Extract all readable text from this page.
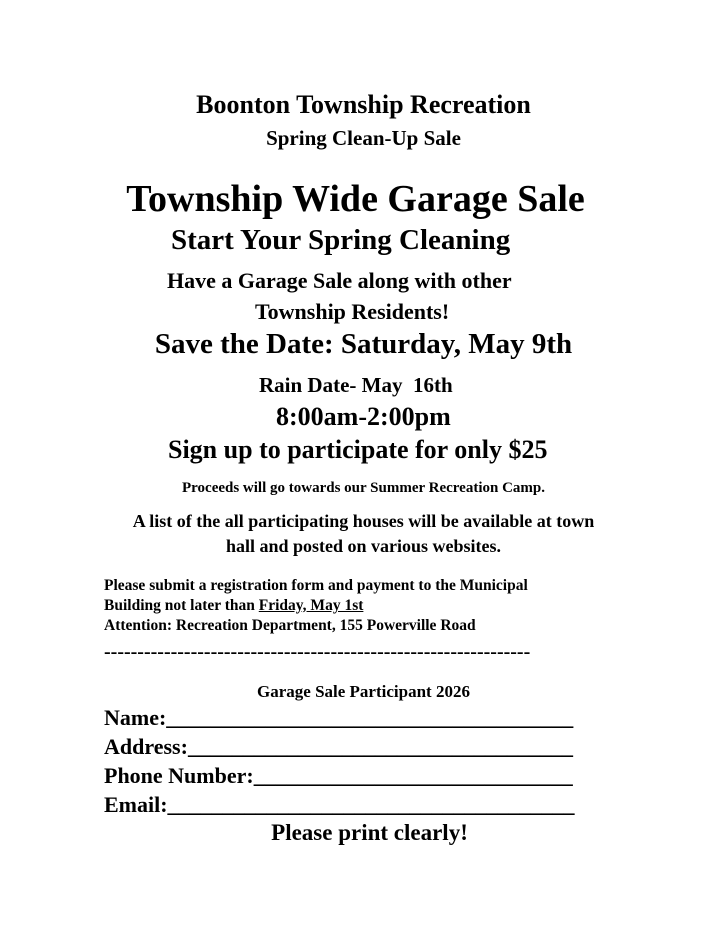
Boonton Township Recreation
Spring Clean-Up Sale
Township Wide Garage Sale
Start Your Spring Cleaning
Have a Garage Sale along with other
Township Residents!
Save the Date: Saturday, May 9th
Rain Date- May  16th
8:00am-2:00pm
Sign up to participate for only $25
Proceeds will go towards our Summer Recreation Camp.
A list of the all participating houses will be available at town
hall and posted on various websites.
Please submit a registration form and payment to the Municipal
Building not later than Friday, May 1st
Attention: Recreation Department, 155 Powerville Road
----------------------------------------------------------------
Garage Sale Participant 2026
Name:_____________________________________
Address:___________________________________
Phone Number:_____________________________
Email:_____________________________________
Please print clearly!
